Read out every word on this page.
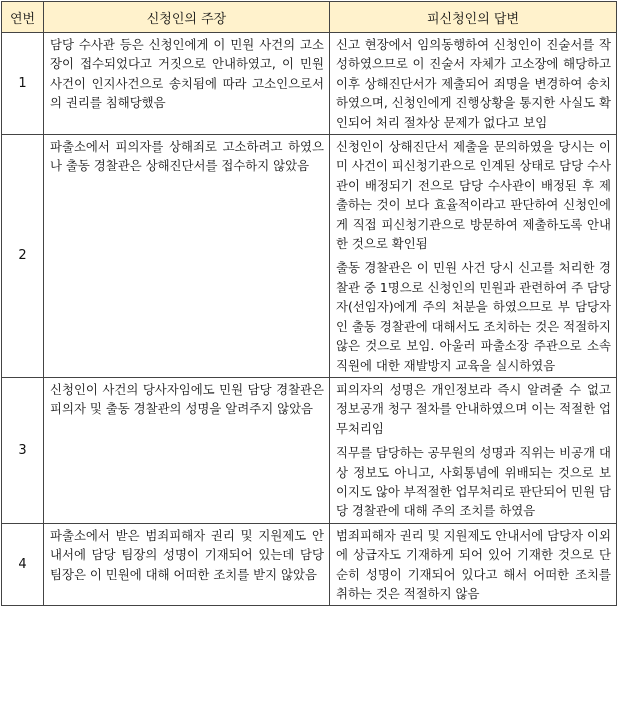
연번	신청인의 주장	피신청인의 답변
1	담당 수사관 등은 신청인에게 이 민원 사건의 고소장이 접수되었다고 거짓으로 안내하였고, 이 민원 사건이 인지사건으로 송치됨에 따라 고소인으로서의 권리를 침해당했음	신고 현장에서 임의동행하여 신청인이 진술서를 작성하였으므로 이 진술서 자체가 고소장에 해당하고 이후 상해진단서가 제출되어 죄명을 변경하여 송치하였으며, 신청인에게 진행상황을 통지한 사실도 확인되어 처리 절차상 문제가 없다고 보임

2	파출소에서 피의자를 상해죄로 고소하려고 하였으나 출동 경찰관은 상해진단서를 접수하지 않았음	신청인이 상해진단서 제출을 문의하였을 당시는 이미 사건이 피신청기관으로 인계된 상태로 담당 수사관이 배정되기 전으로 담당 수사관이 배정된 후 제출하는 것이 보다 효율적이라고 판단하여 신청인에게 직접 피신청기관으로 방문하여 제출하도록 안내한 것으로 확인됨

출동 경찰관은 이 민원 사건 당시 신고를 처리한 경찰관 중 1명으로 신청인의 민원과 관련하여 주 담당자(선임자)에게 주의 처분을 하였으므로 부 담당자인 출동 경찰관에 대해서도 조치하는 것은 적절하지 않은 것으로 보임. 아울러 파출소장 주관으로 소속 직원에 대한 재발방지 교육을 실시하였음

3	신청인이 사건의 당사자임에도 민원 담당 경찰관은 피의자 및 출동 경찰관의 성명을 알려주지 않았음	피의자의 성명은 개인정보라 즉시 알려줄 수 없고 정보공개 청구 절차를 안내하였으며 이는 적절한 업무처리임

직무를 담당하는 공무원의 성명과 직위는 비공개 대상 정보도 아니고, 사회통념에 위배되는 것으로 보이지도 않아 부적절한 업무처리로 판단되어 민원 담당 경찰관에 대해 주의 조치를 하였음

4	파출소에서 받은 범죄피해자 권리 및 지원제도 안내서에 담당 팀장의 성명이 기재되어 있는데 담당 팀장은 이 민원에 대해 어떠한 조치를 받지 않았음	범죄피해자 권리 및 지원제도 안내서에 담당자 이외에 상급자도 기재하게 되어 있어 기재한 것으로 단순히 성명이 기재되어 있다고 해서 어떠한 조치를 취하는 것은 적절하지 않음
